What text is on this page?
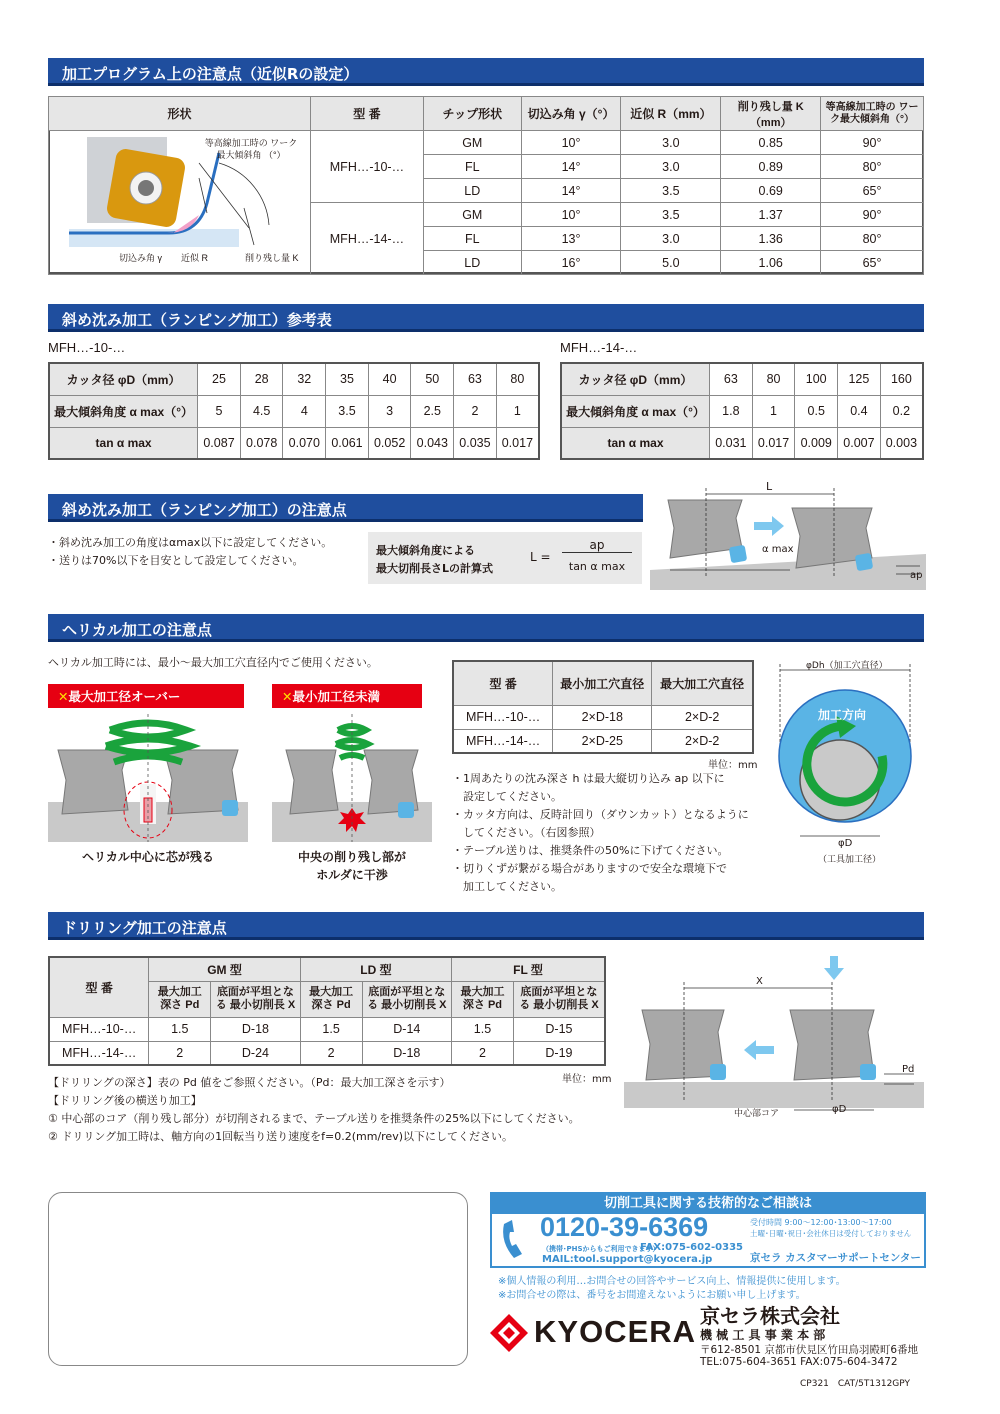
加工プログラム上の注意点（近似Rの設定）
形状	型 番	チップ形状	切込み角 γ（°）	近似 R（mm）	削り残し量 K（mm）	等高線加工時の ワーク最大傾斜角（°）

等高線加工時の ワーク最大傾斜角 （°）
切込み角 γ 近似 R 削り残し量 K	MFH…-10-…	GM	10°	3.0	0.85	90°
		FL	14°	3.0	0.89	80°
		LD	14°	3.5	0.69	65°
	MFH…-14-…	GM	10°	3.5	1.37	90°
		FL	13°	3.0	1.36	80°
		LD	16°	5.0	1.06	65°
斜め沈み加工（ランピング加工）参考表
MFH…-10-…	MFH…-14-…
カッタ径 φD（mm）	25	28	32	35	40	50	63	80
最大傾斜角度 α max（°）	5	4.5	4	3.5	3	2.5	2	1
tan α max	0.087	0.078	0.070	0.061	0.052	0.043	0.035	0.017
カッタ径 φD（mm）	63	80	100	125	160
最大傾斜角度 α max（°）	1.8	1	0.5	0.4	0.2
tan α max	0.031	0.017	0.009	0.007	0.003
斜め沈み加工（ランピング加工）の注意点
・斜め沈み加工の角度はαmax以下に設定してください。
・送りは70%以下を目安として設定してください。
最大傾斜角度による
最大切削長さLの計算式
L =
ap
tan α max
L
α max
ap
ヘリカル加工の注意点
ヘリカル加工時には、最小～最大加工穴直径内でご使用ください。
✕最大加工径オーバー	✕最小加工径未満
ヘリカル中心に芯が残る	中央の削り残し部が
ホルダに干渉
型 番	最小加工穴直径	最大加工穴直径
MFH…-10-…	2×D-18	2×D-2
MFH…-14-…	2×D-25	2×D-2
単位：mm
・1周あたりの沈み深さ h は最大縦切り込み ap 以下に
　設定してください。
・カッタ方向は、反時計回り（ダウンカット）となるように
　してください。（右図参照）
・テーブル送りは、推奨条件の50%に下げてください。
・切りくずが繋がる場合がありますので安全な環境下で
　加工してください。
φDh（加工穴直径）
加工方向
φD
（工具加工径）
ドリリング加工の注意点
型 番	GM 型		LD 型		FL 型	
	最大加工 深さ Pd	底面が平坦となる 最小切削長 X	最大加工 深さ Pd	底面が平坦となる 最小切削長 X	最大加工 深さ Pd	底面が平坦となる 最小切削長 X
MFH…-10-…	1.5	D-18	1.5	D-14	1.5	D-15
MFH…-14-…	2	D-24	2	D-18	2	D-19
単位：mm
【ドリリングの深さ】表の Pd 値をご参照ください。（Pd：最大加工深さを示す）
【ドリリング後の横送り加工】
① 中心部のコア（削り残し部分）が切削されるまで、テーブル送りを推奨条件の25%以下にしてください。
② ドリリング加工時は、軸方向の1回転当り送り速度をf=0.2(mm/rev)以下にしてください。
X
Pd
中心部コア	φD
切削工具に関する技術的なご相談は
0120-39-6369
（携帯･PHSからもご利用できます）
FAX:075-602-0335
MAIL:tool.support@kyocera.jp
受付時間 9:00～12:00･13:00～17:00
土曜･日曜･祝日･会社休日は受付しておりません
京セラ カスタマーサポートセンター
※個人情報の利用…お問合せの回答やサービス向上、情報提供に使用します。
※お問合せの際は、番号をお間違えないようにお願い申し上げます。
KYOCERA 京セラ株式会社
機 械 工 具 事 業 本 部
〒612-8501 京都市伏見区竹田鳥羽殿町6番地
TEL:075-604-3651 FAX:075-604-3472
CP321　CAT/5T1312GPY
